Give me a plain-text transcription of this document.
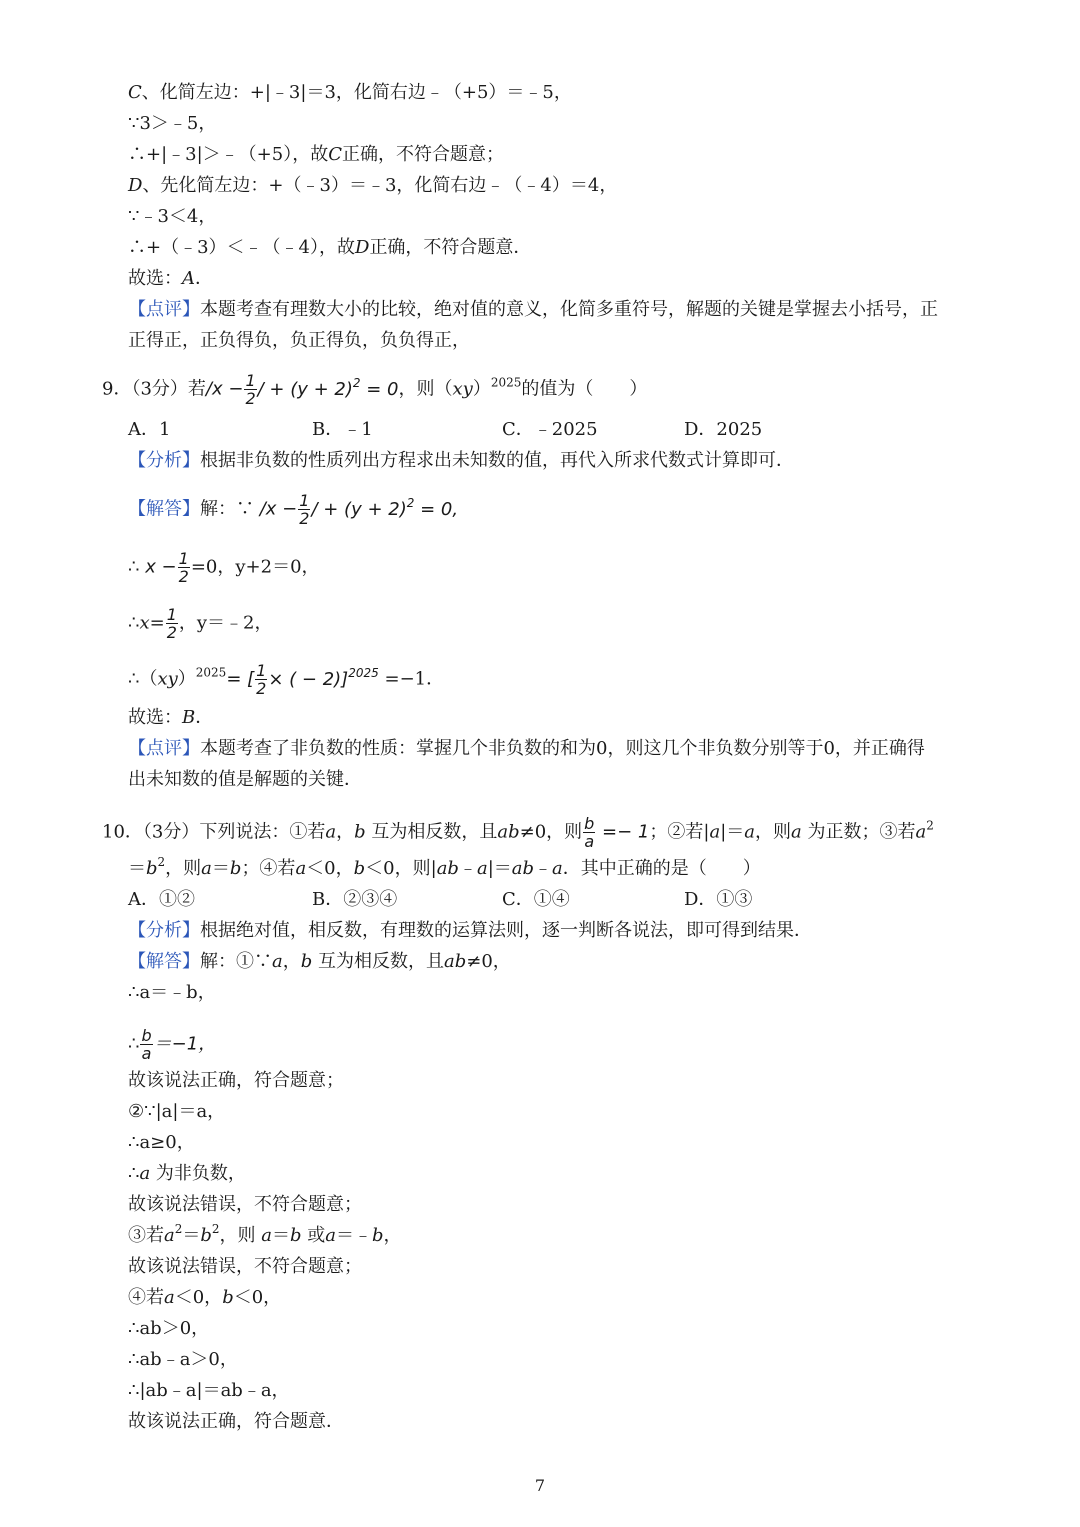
C、化简左边：+|﹣3|＝3，化简右边﹣（+5）＝﹣5，
∵3＞﹣5，
∴+|﹣3|＞﹣（+5），故C正确，不符合题意；
D、先化简左边：+（﹣3）＝﹣3，化简右边﹣（﹣4）＝4，
∵﹣3＜4，
∴+（﹣3）＜﹣（﹣4），故D正确，不符合题意．
故选：A．
【点评】本题考查有理数大小的比较，绝对值的意义，化简多重符号，解题的关键是掌握去小括号，正
正得正，正负得负，负正得负，负负得正，
9．（3分）若$/x - \frac{1}{2}$ / + $(y + 2)^2 = 0$，则（xy）$^{2025}$的值为（　　）
A．1	B．﹣1	C．﹣2025	D．2025
【分析】根据非负数的性质列出方程求出未知数的值，再代入所求代数式计算即可．
【解答】解：∵ $/x - \frac{1}{2}$ / + $(y + 2)^2 = 0$,
∴ $x - \frac{1}{2} =0$，y+2＝0，
∴x= $\frac{1}{2}$ ，y＝﹣2，
∴（xy）$^{2025}$= [ $\frac{1}{2}$ × ( − 2)]$^{2025}$ =−1．
故选：B．
【点评】本题考查了非负数的性质：掌握几个非负数的和为0，则这几个非负数分别等于0，并正确得
出未知数的值是解题的关键．
10．（3分）下列说法：①若a，b 互为相反数，且ab≠0，则 $\frac{b}{a} =- 1$；②若|a|＝a，则a 为正数；③若$a^2$
$=b^2$，则a＝b；④若a＜0，b＜0，则|ab﹣a|＝ab﹣a．其中正确的是（　　）
A．①②	B．②③④	C．①④	D．①③
【分析】根据绝对值，相反数，有理数的运算法则，逐一判断各说法，即可得到结果．
【解答】解：①∵a，b 互为相反数，且ab≠0，
∴a＝﹣b，
∴ $\frac{b}{a} =-1$，
故该说法正确，符合题意；
②∵|a|＝a，
∴a≥0，
∴a 为非负数，
故该说法错误，不符合题意；
③若$a^2=b^2$，则 a＝b 或a＝﹣b，
故该说法错误，不符合题意；
④若a＜0，b＜0，
∴ab＞0，
∴ab﹣a＞0，
∴|ab﹣a|＝ab﹣a，
故该说法正确，符合题意．
7
